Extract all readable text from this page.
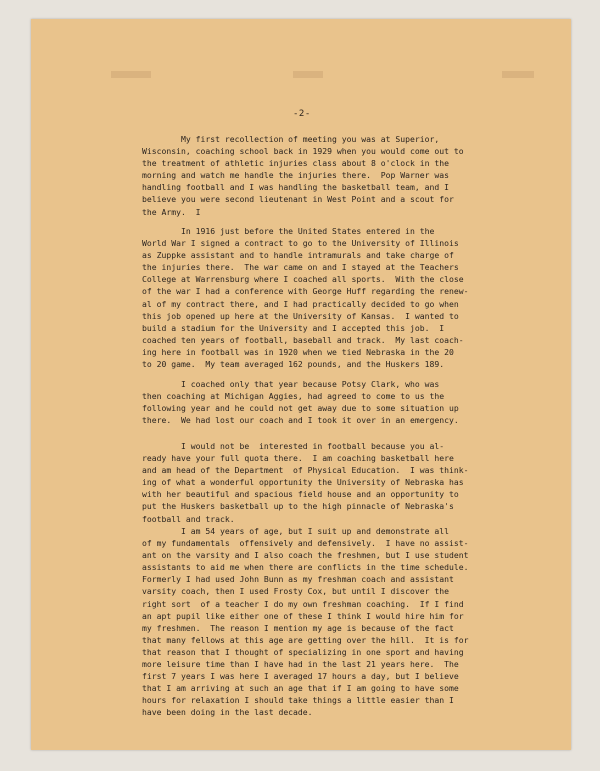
-2-
My first recollection of meeting you was at Superior,
Wisconsin, coaching school back in 1929 when you would come out to
the treatment of athletic injuries class about 8 o'clock in the
morning and watch me handle the injuries there.  Pop Warner was
handling football and I was handling the basketball team, and I
believe you were second lieutenant in West Point and a scout for
the Army.  I
In 1916 just before the United States entered in the
World War I signed a contract to go to the University of Illinois
as Zuppke assistant and to handle intramurals and take charge of
the injuries there.  The war came on and I stayed at the Teachers
College at Warrensburg where I coached all sports.  With the close
of the war I had a conference with George Huff regarding the renew-
al of my contract there, and I had practically decided to go when
this job opened up here at the University of Kansas.  I wanted to
build a stadium for the University and I accepted this job.  I
coached ten years of football, baseball and track.  My last coach-
ing here in football was in 1920 when we tied Nebraska in the 20
to 20 game.  My team averaged 162 pounds, and the Huskers 189.
I coached only that year because Potsy Clark, who was
then coaching at Michigan Aggies, had agreed to come to us the
following year and he could not get away due to some situation up
there.  We had lost our coach and I took it over in an emergency.
I would not be  interested in football because you al-
ready have your full quota there.  I am coaching basketball here
and am head of the Department  of Physical Education.  I was think-
ing of what a wonderful opportunity the University of Nebraska has
with her beautiful and spacious field house and an opportunity to
put the Huskers basketball up to the high pinnacle of Nebraska's
football and track.
I am 54 years of age, but I suit up and demonstrate all
of my fundamentals  offensively and defensively.  I have no assist-
ant on the varsity and I also coach the freshmen, but I use student
assistants to aid me when there are conflicts in the time schedule.
Formerly I had used John Bunn as my freshman coach and assistant
varsity coach, then I used Frosty Cox, but until I discover the
right sort  of a teacher I do my own freshman coaching.  If I find
an apt pupil like either one of these I think I would hire him for
my freshmen.  The reason I mention my age is because of the fact
that many fellows at this age are getting over the hill.  It is for
that reason that I thought of specializing in one sport and having
more leisure time than I have had in the last 21 years here.  The
first 7 years I was here I averaged 17 hours a day, but I believe
that I am arriving at such an age that if I am going to have some
hours for relaxation I should take things a little easier than I
have been doing in the last decade.
